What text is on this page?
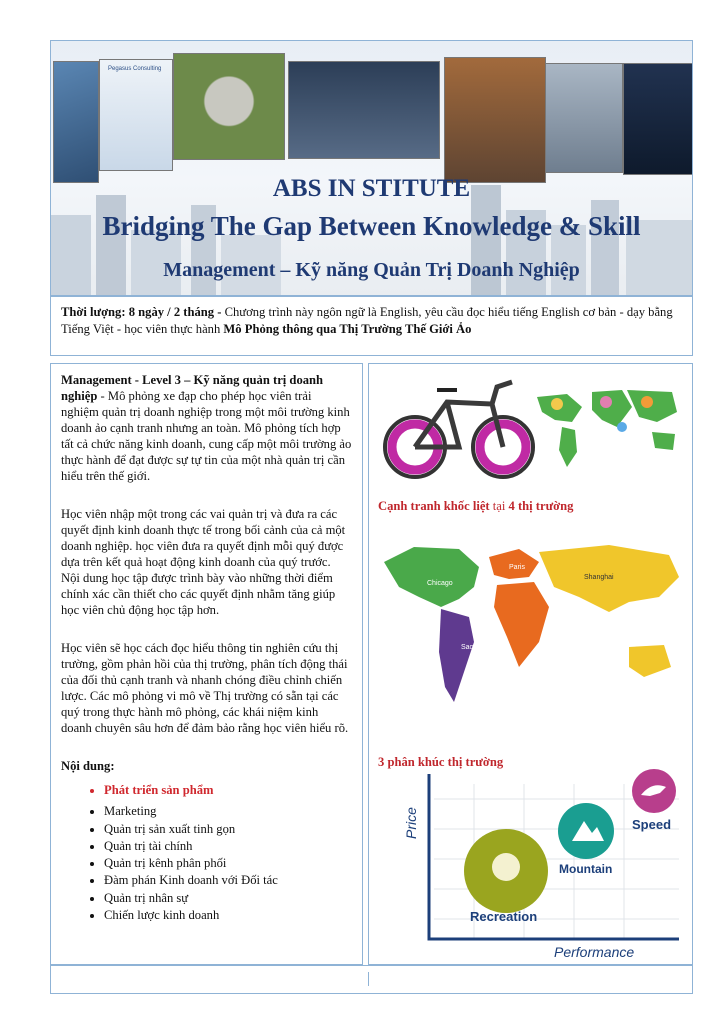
Pegasus Consulting
ABS IN STITUTE
Bridging The Gap Between Knowledge & Skill
Management – Kỹ năng Quản Trị Doanh Nghiệp
Thời lượng: 8 ngày / 2 tháng - Chương trình này ngôn ngữ là English, yêu cầu đọc hiểu tiếng English cơ bản - dạy bằng Tiếng Việt - học viên thực hành Mô Phỏng thông qua Thị Trường Thế Giới Ảo

Management - Level 3 – Kỹ năng quản trị doanh nghiệp - Mô phỏng xe đạp cho phép học viên trải nghiệm quản trị doanh nghiệp trong một môi trường kinh doanh ảo cạnh tranh nhưng an toàn. Mô phỏng tích hợp tất cả chức năng kinh doanh, cung cấp một môi trường ảo thực hành để đạt được sự tự tin của một nhà quản trị cần hiểu trên thế giới.

Học viên nhập một trong các vai quản trị và đưa ra các quyết định kinh doanh thực tế trong bối cảnh của cả một doanh nghiệp. học viên đưa ra quyết định mỗi quý được dựa trên kết quả hoạt động kinh doanh của quý trước. Nội dung học tập được trình bày vào những thời điểm chính xác cần thiết cho các quyết định nhằm tăng giúp học viên chủ động học tập hơn.

Học viên sẽ học cách đọc hiểu thông tin nghiên cứu thị trường, gồm phản hồi của thị trường, phân tích động thái của đối thủ cạnh tranh và nhanh chóng điều chỉnh chiến lược. Các mô phỏng vi mô về Thị trường có sẵn tại các quý trong thực hành mô phỏng, các khái niệm kinh doanh chuyên sâu hơn để đảm bảo rằng học viên hiểu rõ.

Nội dung:
• Phát triển sản phẩm
• Marketing
• Quản trị sản xuất tinh gọn
• Quản trị tài chính
• Quản trị kênh phân phối
• Đàm phán Kinh doanh với Đối tác
• Quản trị nhân sự
• Chiến lược kinh doanh
Cạnh tranh khốc liệt tại 4 thị trường
Chicago
Paris
Shanghai
Sao Paulo
3 phân khúc thị trường
Price
Performance
Recreation
Mountain
Speed
